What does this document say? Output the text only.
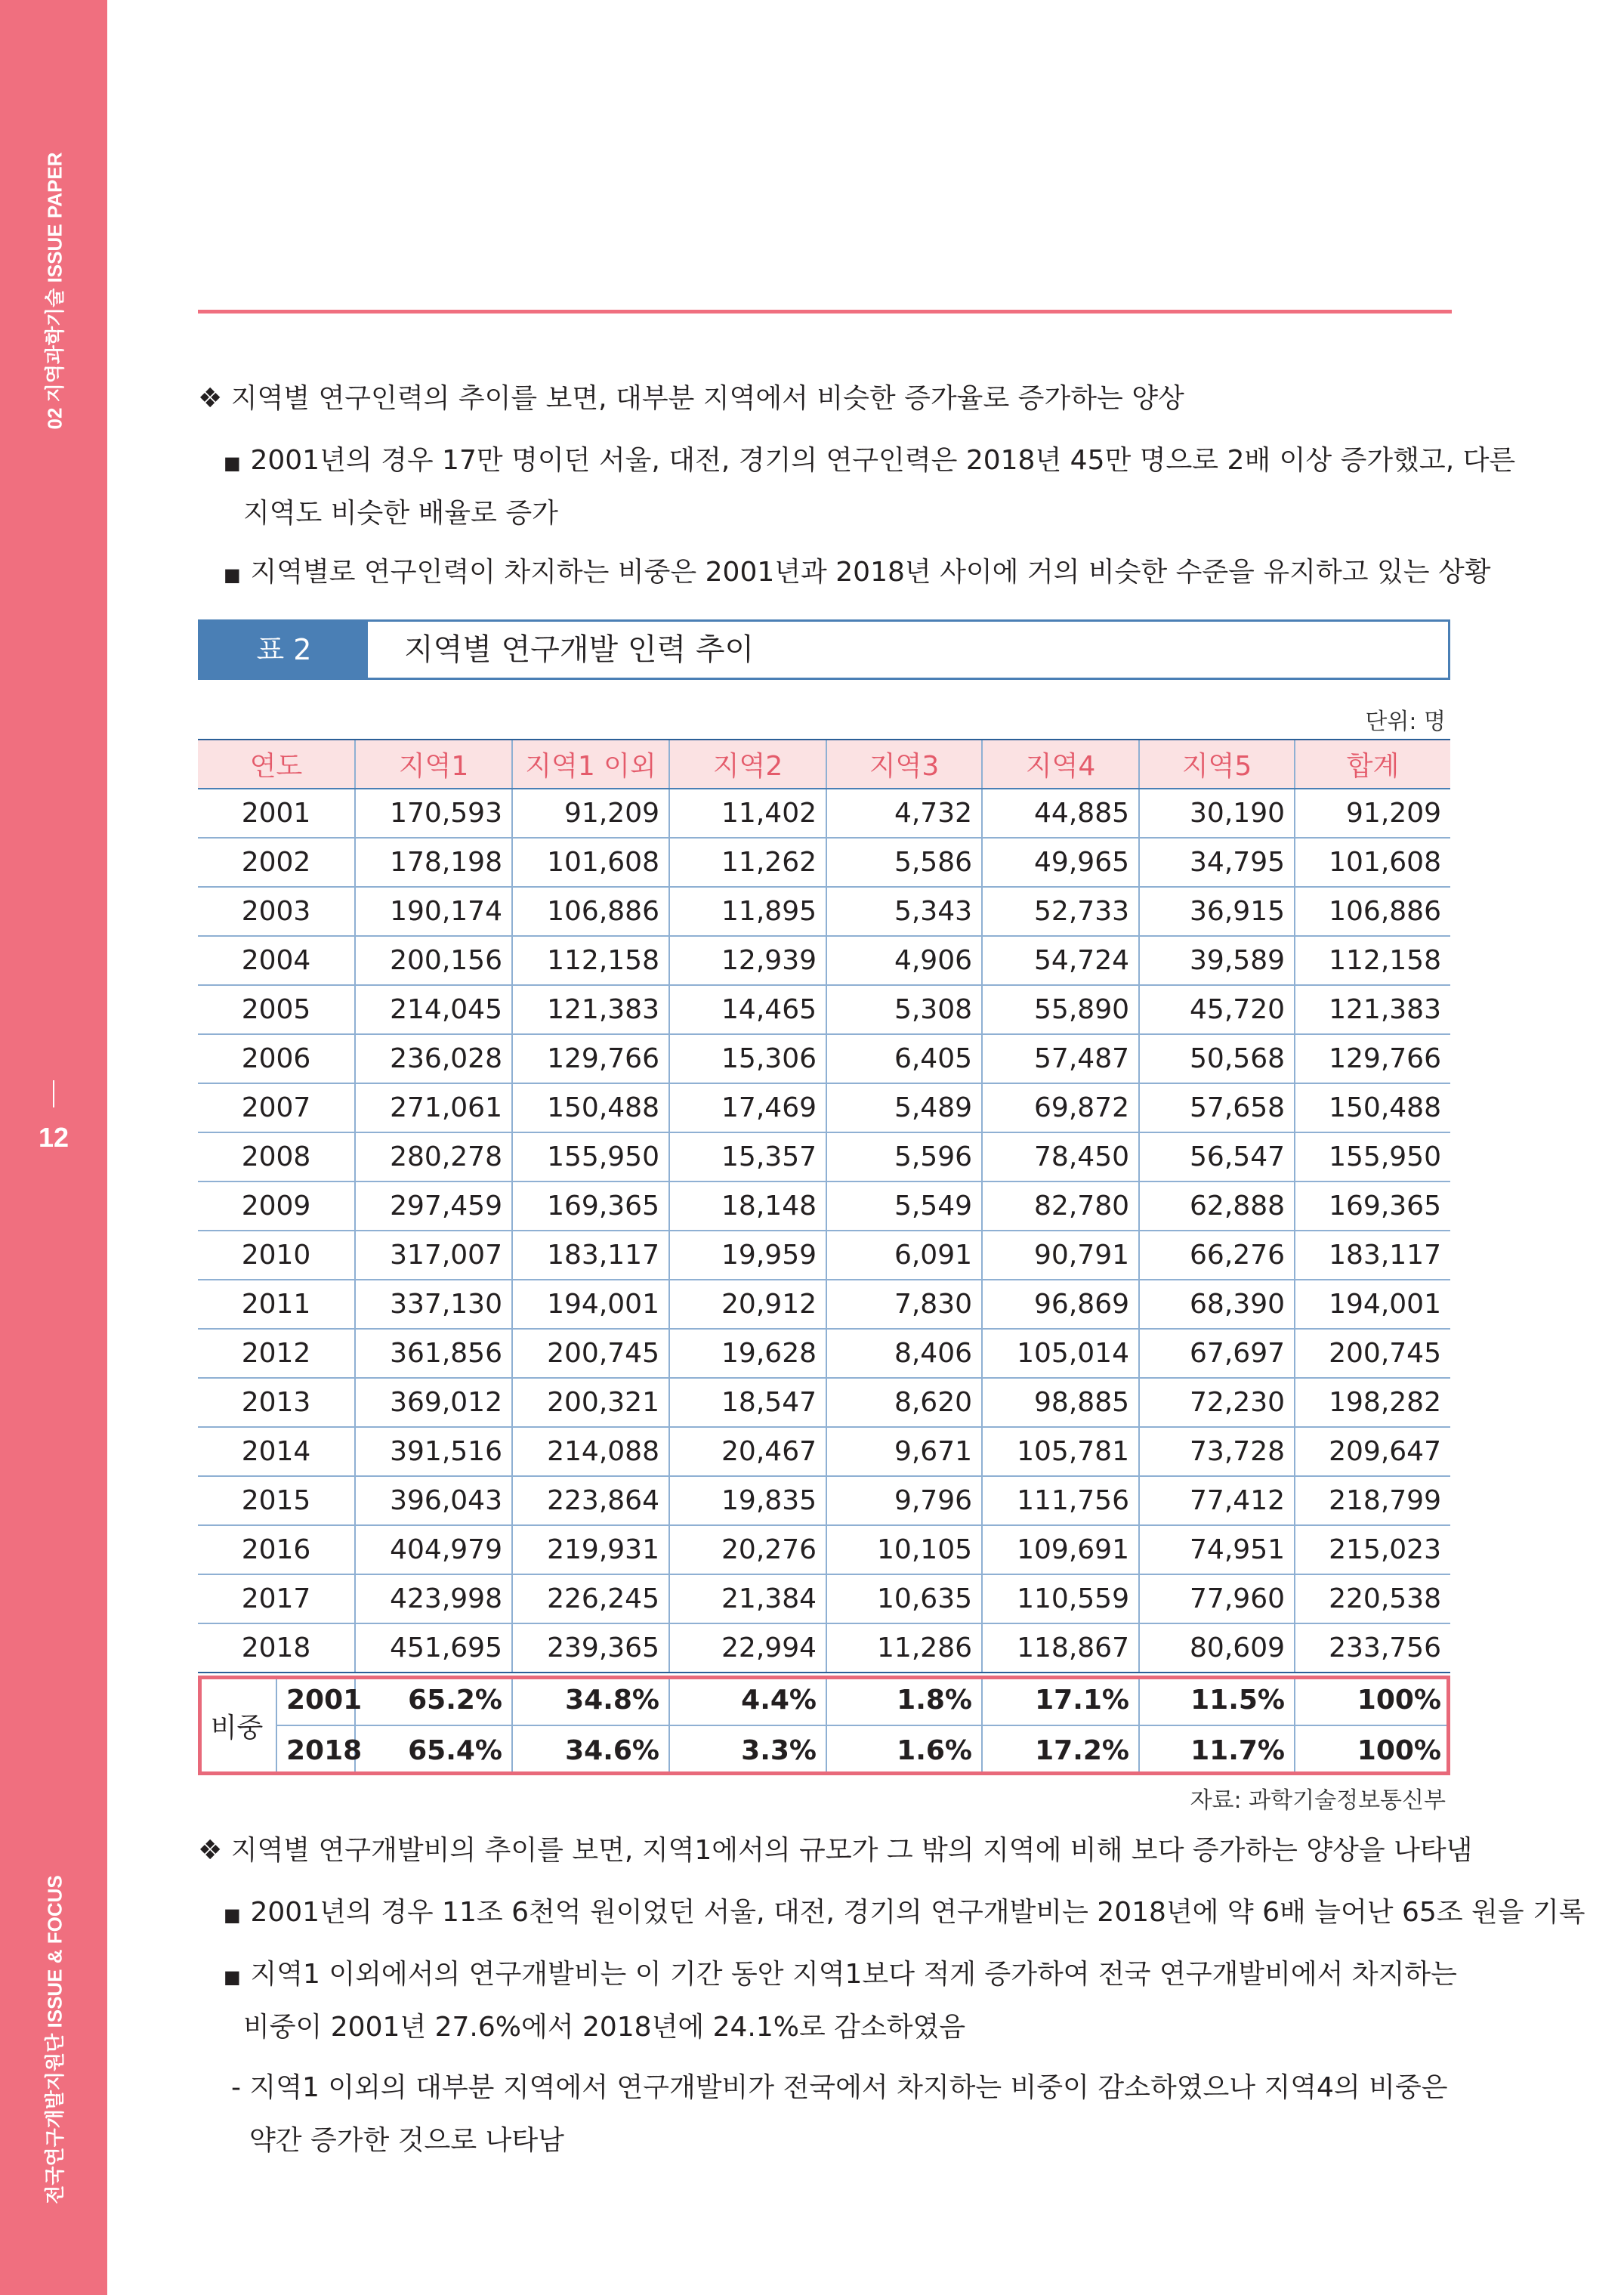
02 지역과학기술 ISSUE PAPER
12
전국연구개발지원단 ISSUE & FOCUS
❖ 지역별 연구인력의 추이를 보면, 대부분 지역에서 비슷한 증가율로 증가하는 양상
■ 2001년의 경우 17만 명이던 서울, 대전, 경기의 연구인력은 2018년 45만 명으로 2배 이상 증가했고, 다른
지역도 비슷한 배율로 증가
■ 지역별로 연구인력이 차지하는 비중은 2001년과 2018년 사이에 거의 비슷한 수준을 유지하고 있는 상황
표 2	지역별 연구개발 인력 추이
단위: 명
연도	지역1	지역1 이외	지역2	지역3	지역4	지역5	합계
2001	170,593	91,209	11,402	4,732	44,885	30,190	91,209
2002	178,198	101,608	11,262	5,586	49,965	34,795	101,608
2003	190,174	106,886	11,895	5,343	52,733	36,915	106,886
2004	200,156	112,158	12,939	4,906	54,724	39,589	112,158
2005	214,045	121,383	14,465	5,308	55,890	45,720	121,383
2006	236,028	129,766	15,306	6,405	57,487	50,568	129,766
2007	271,061	150,488	17,469	5,489	69,872	57,658	150,488
2008	280,278	155,950	15,357	5,596	78,450	56,547	155,950
2009	297,459	169,365	18,148	5,549	82,780	62,888	169,365
2010	317,007	183,117	19,959	6,091	90,791	66,276	183,117
2011	337,130	194,001	20,912	7,830	96,869	68,390	194,001
2012	361,856	200,745	19,628	8,406	105,014	67,697	200,745
2013	369,012	200,321	18,547	8,620	98,885	72,230	198,282
2014	391,516	214,088	20,467	9,671	105,781	73,728	209,647
2015	396,043	223,864	19,835	9,796	111,756	77,412	218,799
2016	404,979	219,931	20,276	10,105	109,691	74,951	215,023
2017	423,998	226,245	21,384	10,635	110,559	77,960	220,538
2018	451,695	239,365	22,994	11,286	118,867	80,609	233,756
비중	2001	65.2%	34.8%	4.4%	1.8%	17.1%	11.5%	100%
	2018	65.4%	34.6%	3.3%	1.6%	17.2%	11.7%	100%
자료: 과학기술정보통신부
❖ 지역별 연구개발비의 추이를 보면, 지역1에서의 규모가 그 밖의 지역에 비해 보다 증가하는 양상을 나타냄
■ 2001년의 경우 11조 6천억 원이었던 서울, 대전, 경기의 연구개발비는 2018년에 약 6배 늘어난 65조 원을 기록
■ 지역1 이외에서의 연구개발비는 이 기간 동안 지역1보다 적게 증가하여 전국 연구개발비에서 차지하는
비중이 2001년 27.6%에서 2018년에 24.1%로 감소하였음
- 지역1 이외의 대부분 지역에서 연구개발비가 전국에서 차지하는 비중이 감소하였으나 지역4의 비중은
약간 증가한 것으로 나타남
